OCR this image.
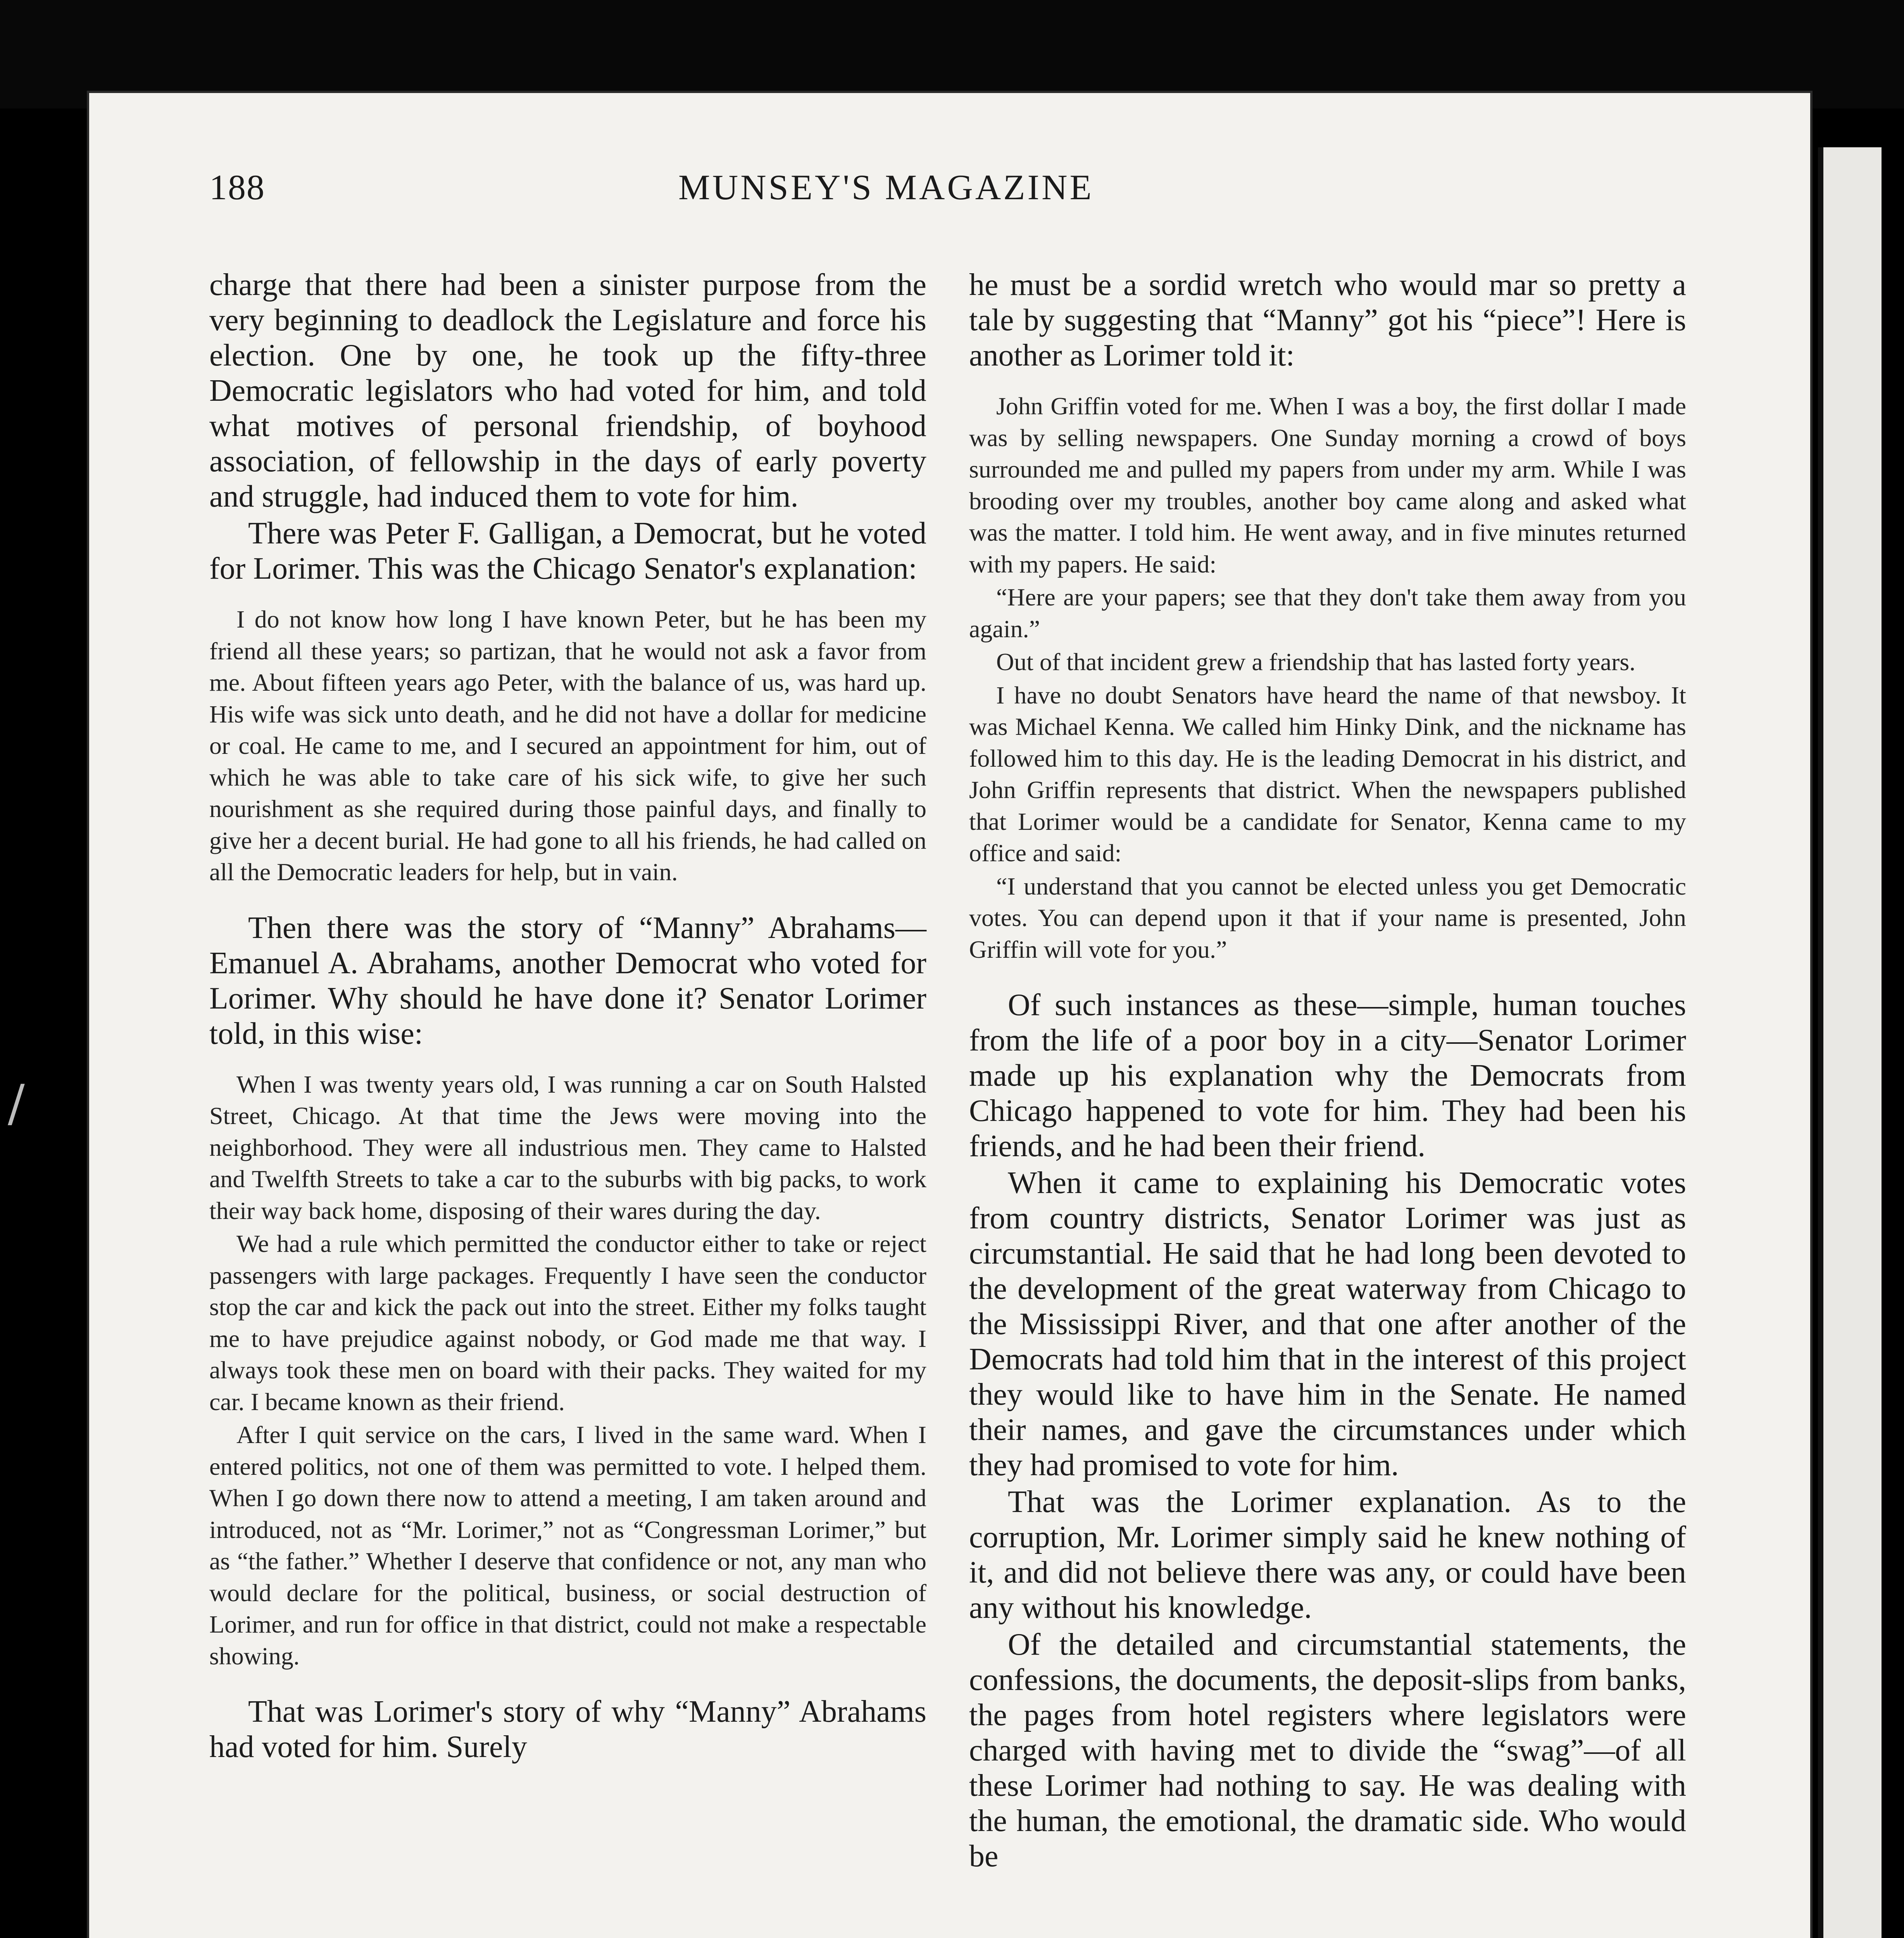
/
188	MUNSEY'S MAGAZINE

charge that there had been a sinister purpose from the very beginning to deadlock the Legislature and force his election. One by one, he took up the fifty-three Democratic legislators who had voted for him, and told what motives of personal friendship, of boyhood association, of fellowship in the days of early poverty and struggle, had induced them to vote for him.

There was Peter F. Galligan, a Democrat, but he voted for Lorimer. This was the Chicago Senator's explanation:

I do not know how long I have known Peter, but he has been my friend all these years; so partizan, that he would not ask a favor from me. About fifteen years ago Peter, with the balance of us, was hard up. His wife was sick unto death, and he did not have a dollar for medicine or coal. He came to me, and I secured an appointment for him, out of which he was able to take care of his sick wife, to give her such nourishment as she required during those painful days, and finally to give her a decent burial. He had gone to all his friends, he had called on all the Democratic leaders for help, but in vain.

Then there was the story of “Manny” Abrahams—Emanuel A. Abrahams, another Democrat who voted for Lorimer. Why should he have done it? Senator Lorimer told, in this wise:

When I was twenty years old, I was running a car on South Halsted Street, Chicago. At that time the Jews were moving into the neighborhood. They were all industrious men. They came to Halsted and Twelfth Streets to take a car to the suburbs with big packs, to work their way back home, disposing of their wares during the day.

We had a rule which permitted the conductor either to take or reject passengers with large packages. Frequently I have seen the conductor stop the car and kick the pack out into the street. Either my folks taught me to have prejudice against nobody, or God made me that way. I always took these men on board with their packs. They waited for my car. I became known as their friend.

After I quit service on the cars, I lived in the same ward. When I entered politics, not one of them was permitted to vote. I helped them. When I go down there now to attend a meeting, I am taken around and introduced, not as “Mr. Lorimer,” not as “Congressman Lorimer,” but as “the father.” Whether I deserve that confidence or not, any man who would declare for the political, business, or social destruction of Lorimer, and run for office in that district, could not make a respectable showing.

That was Lorimer's story of why “Manny” Abrahams had voted for him. Surely

he must be a sordid wretch who would mar so pretty a tale by suggesting that “Manny” got his “piece”! Here is another as Lorimer told it:

John Griffin voted for me. When I was a boy, the first dollar I made was by selling newspapers. One Sunday morning a crowd of boys surrounded me and pulled my papers from under my arm. While I was brooding over my troubles, another boy came along and asked what was the matter. I told him. He went away, and in five minutes returned with my papers. He said:

“Here are your papers; see that they don't take them away from you again.”

Out of that incident grew a friendship that has lasted forty years.

I have no doubt Senators have heard the name of that newsboy. It was Michael Kenna. We called him Hinky Dink, and the nickname has followed him to this day. He is the leading Democrat in his district, and John Griffin represents that district. When the newspapers published that Lorimer would be a candidate for Senator, Kenna came to my office and said:

“I understand that you cannot be elected unless you get Democratic votes. You can depend upon it that if your name is presented, John Griffin will vote for you.”

Of such instances as these—simple, human touches from the life of a poor boy in a city—Senator Lorimer made up his explanation why the Democrats from Chicago happened to vote for him. They had been his friends, and he had been their friend.

When it came to explaining his Democratic votes from country districts, Senator Lorimer was just as circumstantial. He said that he had long been devoted to the development of the great waterway from Chicago to the Mississippi River, and that one after another of the Democrats had told him that in the interest of this project they would like to have him in the Senate. He named their names, and gave the circumstances under which they had promised to vote for him.

That was the Lorimer explanation. As to the corruption, Mr. Lorimer simply said he knew nothing of it, and did not believe there was any, or could have been any without his knowledge.

Of the detailed and circumstantial statements, the confessions, the documents, the deposit-slips from banks, the pages from hotel registers where legislators were charged with having met to divide the “swag”—of all these Lorimer had nothing to say. He was dealing with the human, the emotional, the dramatic side. Who would be
